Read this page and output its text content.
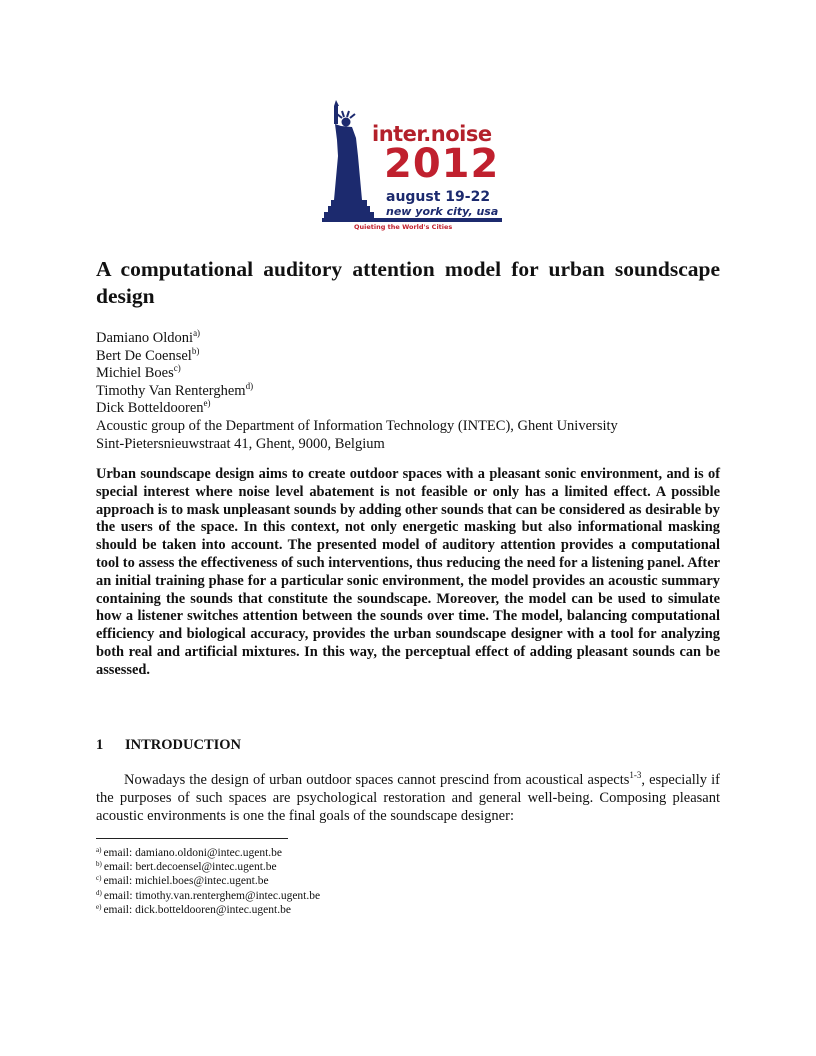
inter.noise
2012
august 19-22
new york city, usa
Quieting the World's Cities
A computational auditory attention model for urban soundscape
design
Damiano Oldoni$^{a)}$
Bert De Coensel$^{b)}$
Michiel Boes$^{c)}$
Timothy Van Renterghem$^{d)}$
Dick Botteldooren$^{e)}$
Acoustic group of the Department of Information Technology (INTEC), Ghent University
Sint-Pietersnieuwstraat 41, Ghent, 9000, Belgium

Urban soundscape design aims to create outdoor spaces with a pleasant sonic environment, and is of special interest where noise level abatement is not feasible or only has a limited effect. A possible approach is to mask unpleasant sounds by adding other sounds that can be considered as desirable by the users of the space. In this context, not only energetic masking but also informational masking should be taken into account. The presented model of auditory attention provides a computational tool to assess the effectiveness of such interventions, thus reducing the need for a listening panel. After an initial training phase for a particular sonic environment, the model provides an acoustic summary containing the sounds that constitute the soundscape. Moreover, the model can be used to simulate how a listener switches attention between the sounds over time. The model, balancing computational efficiency and biological accuracy, provides the urban soundscape designer with a tool for analyzing both real and artificial mixtures. In this way, the perceptual effect of adding pleasant sounds can be assessed.

1 INTRODUCTION

Nowadays the design of urban outdoor spaces cannot prescind from acoustical aspects$^{1-3}$, especially if the purposes of such spaces are psychological restoration and general well-being. Composing pleasant acoustic environments is one the final goals of the soundscape designer:

$^{a)}$ email: damiano.oldoni@intec.ugent.be
$^{b)}$ email: bert.decoensel@intec.ugent.be
$^{c)}$ email: michiel.boes@intec.ugent.be
$^{d)}$ email: timothy.van.renterghem@intec.ugent.be
$^{e)}$ email: dick.botteldooren@intec.ugent.be
